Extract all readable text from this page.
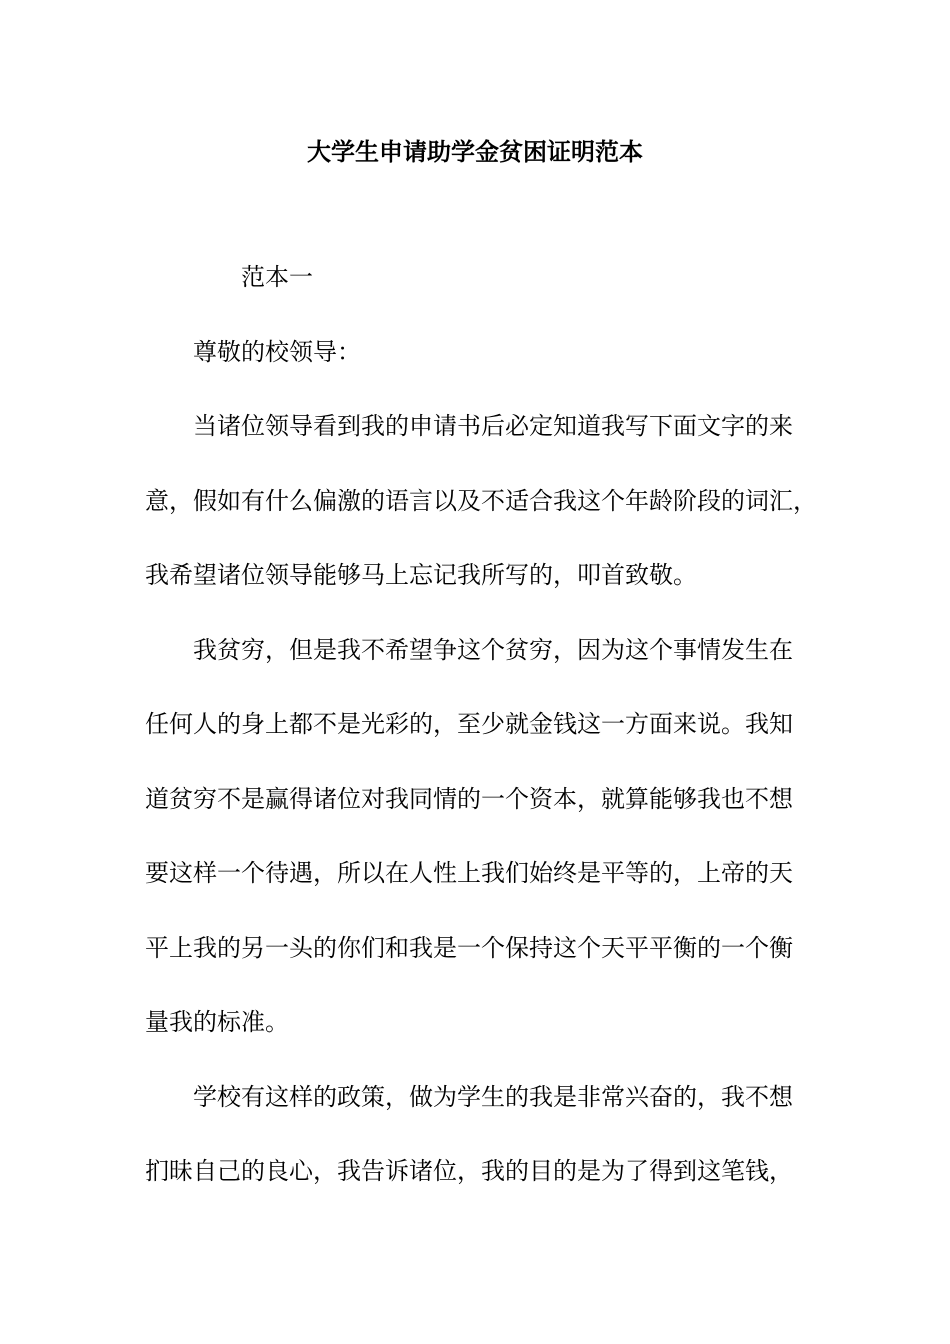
大学生申请助学金贫困证明范本
范本一
尊敬的校领导：
当诸位领导看到我的申请书后必定知道我写下面文字的来
意，假如有什么偏激的语言以及不适合我这个年龄阶段的词汇，
我希望诸位领导能够马上忘记我所写的，叩首致敬。
我贫穷，但是我不希望争这个贫穷，因为这个事情发生在
任何人的身上都不是光彩的，至少就金钱这一方面来说。我知
道贫穷不是赢得诸位对我同情的一个资本，就算能够我也不想
要这样一个待遇，所以在人性上我们始终是平等的，上帝的天
平上我的另一头的你们和我是一个保持这个天平平衡的一个衡
量我的标准。
学校有这样的政策，做为学生的我是非常兴奋的，我不想
扪昧自己的良心，我告诉诸位，我的目的是为了得到这笔钱，
